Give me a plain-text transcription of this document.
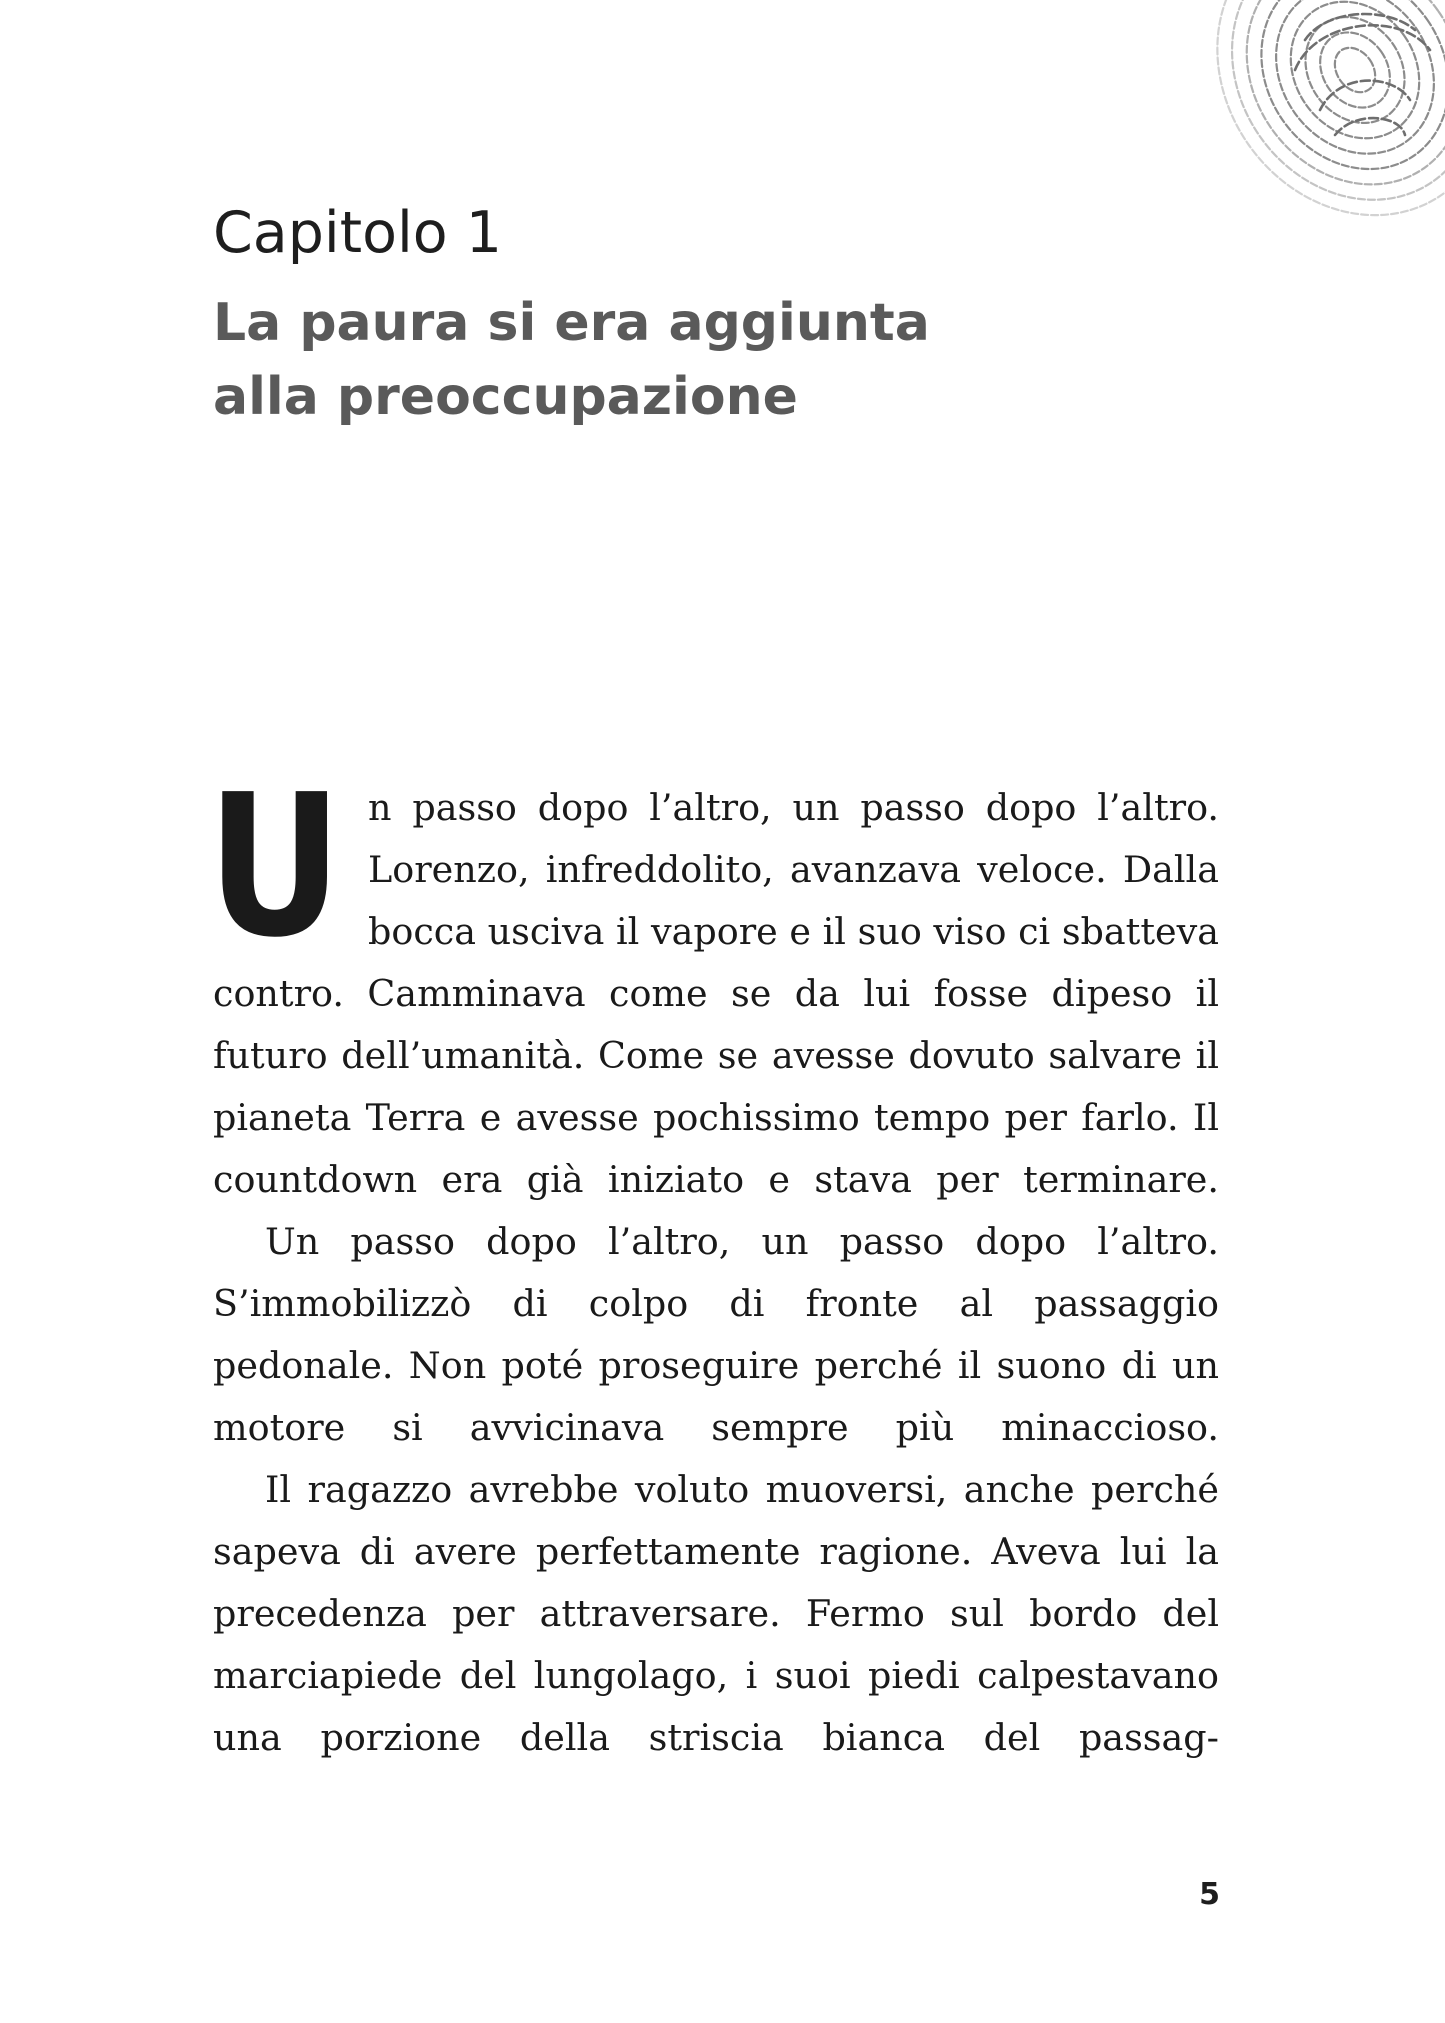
Capitolo 1
La paura si era aggiunta
alla preoccupazione

Un passo dopo l’altro, un passo dopo l’altro. Lorenzo, infreddolito, avanzava veloce. Dalla bocca usciva il vapore e il suo viso ci sbatteva contro. Camminava come se da lui fosse dipeso il futuro dell’umanità. Come se avesse dovuto salvare il pianeta Terra e avesse pochissimo tempo per farlo. Il countdown era già iniziato e stava per terminare.

Un passo dopo l’altro, un passo dopo l’altro. S’immobilizzò di colpo di fronte al passaggio pedonale. Non poté proseguire perché il suono di un motore si avvicinava sempre più minaccioso.

Il ragazzo avrebbe voluto muoversi, anche perché sapeva di avere perfettamente ragione. Aveva lui la precedenza per attraversare. Fermo sul bordo del marciapiede del lungolago, i suoi piedi calpestavano una porzione della striscia bianca del passag-

5
